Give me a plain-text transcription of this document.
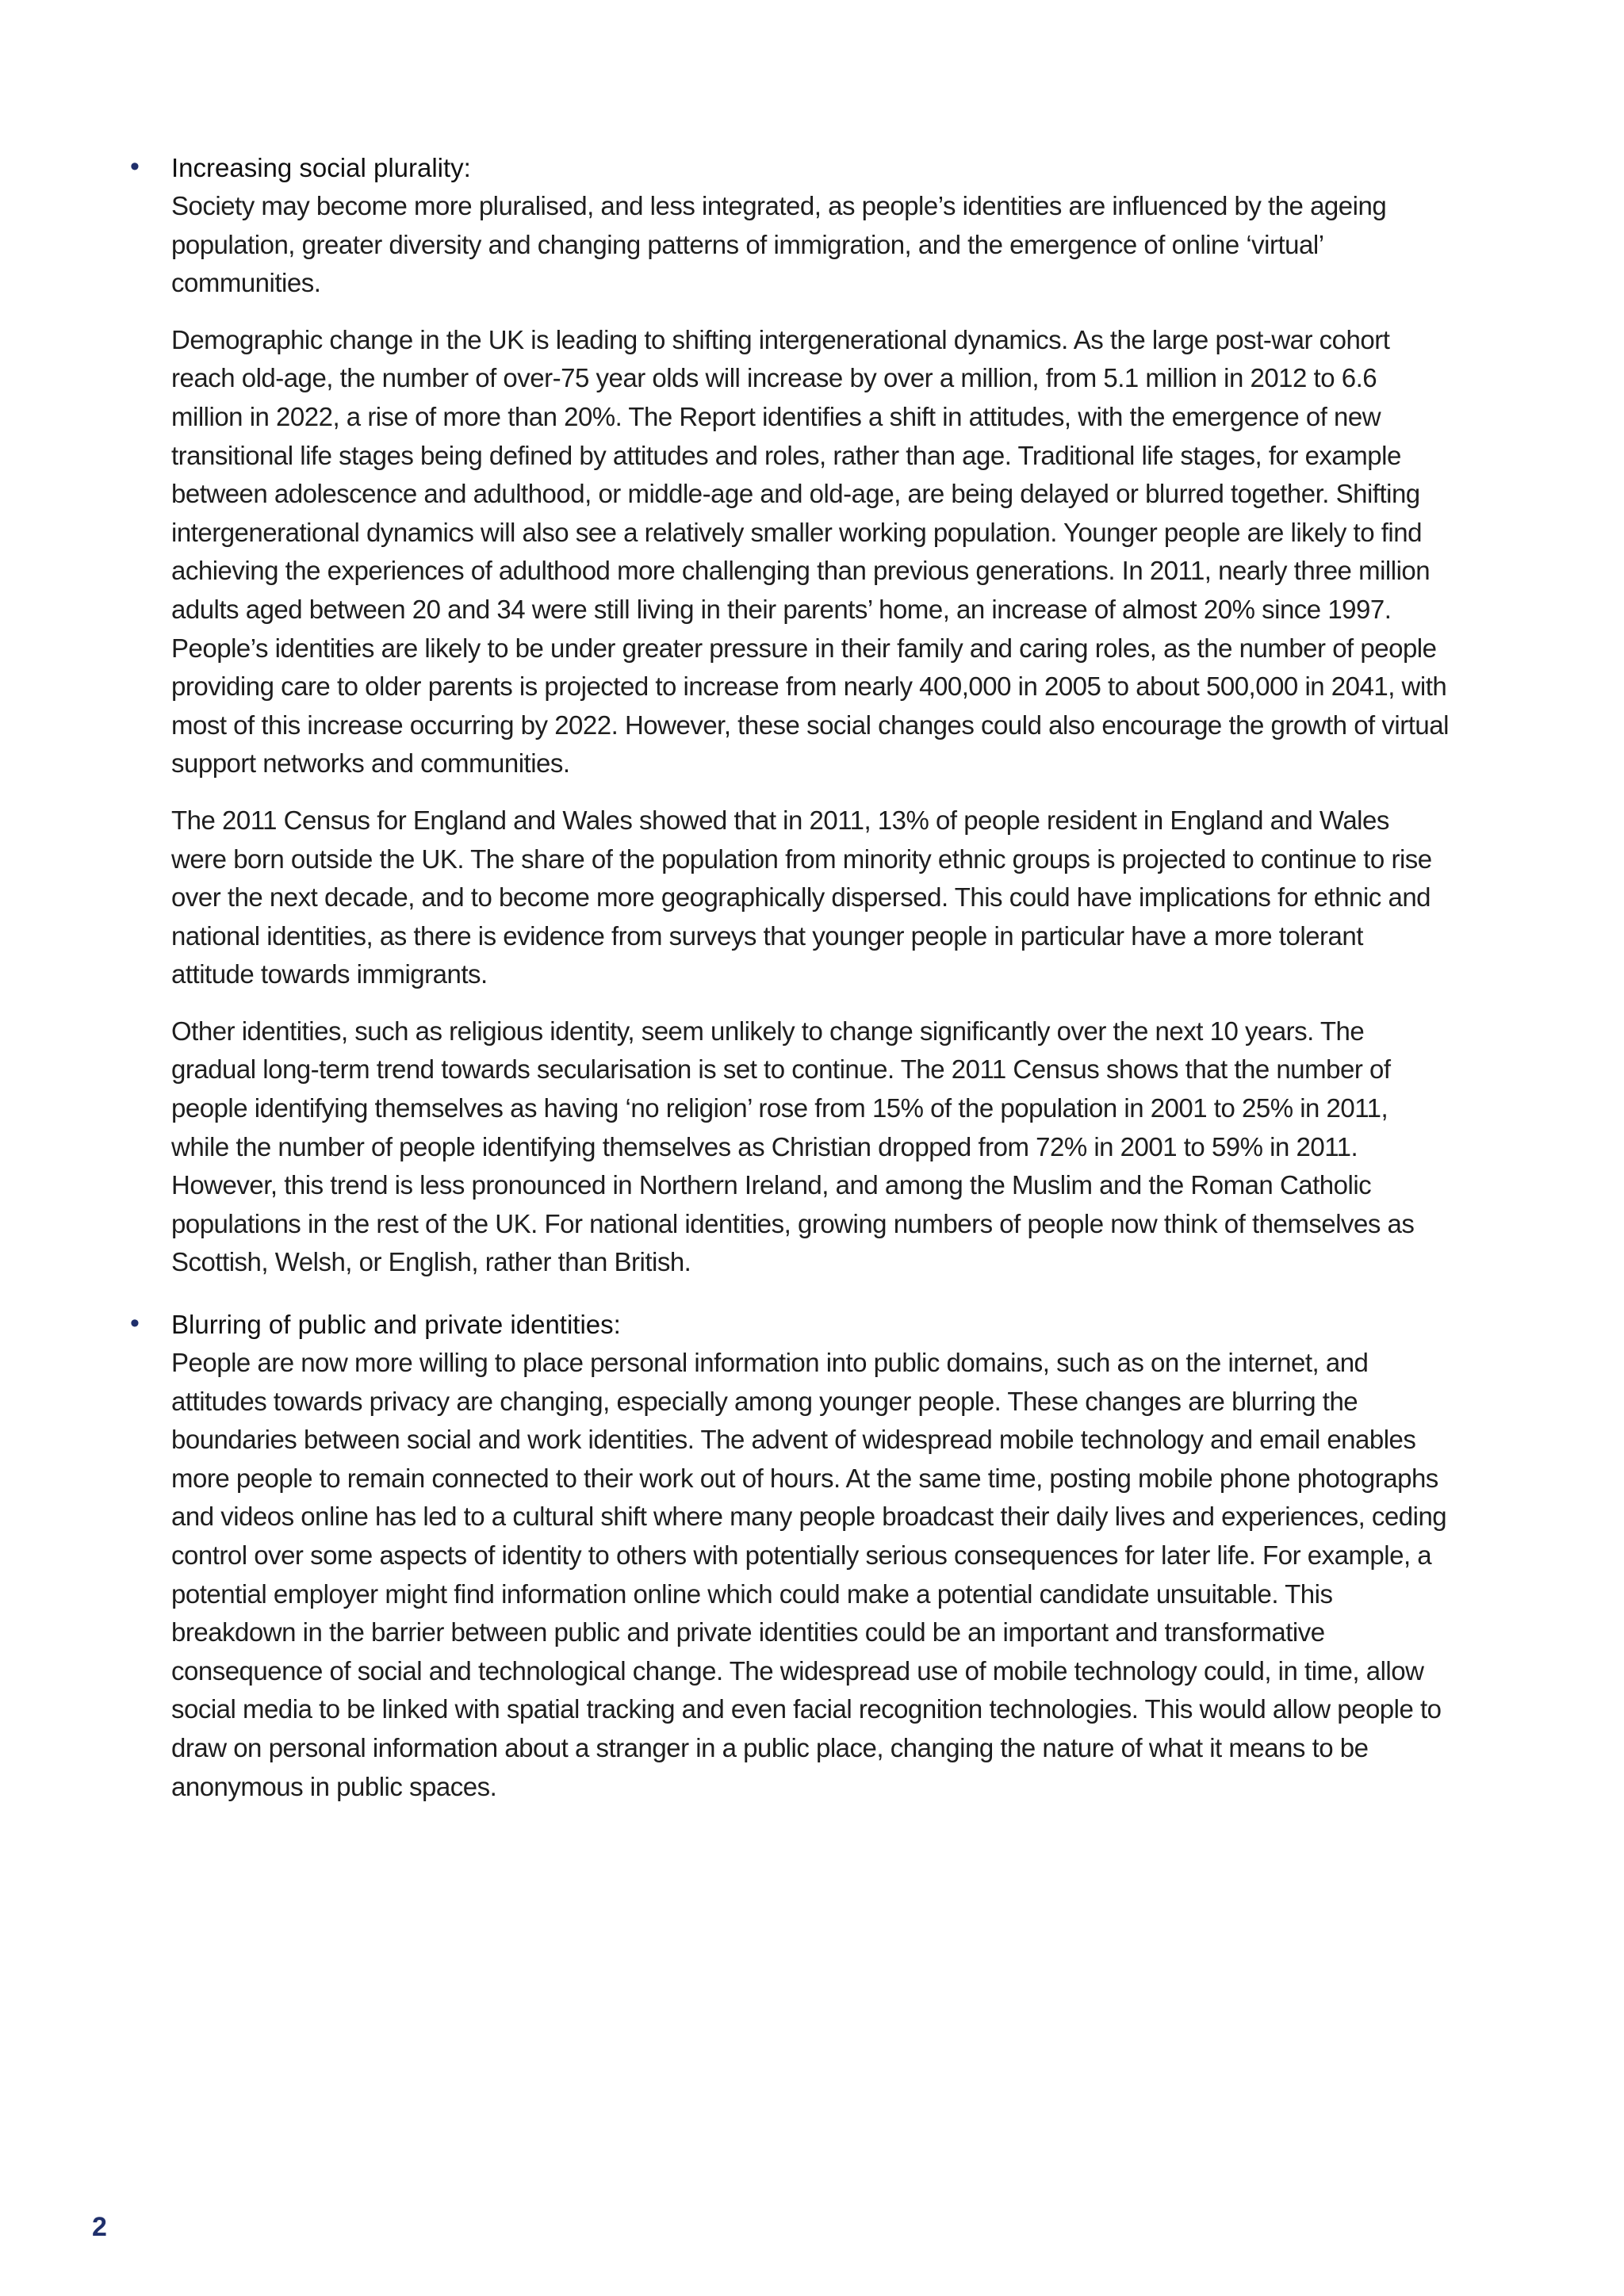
• Increasing social plurality:

Society may become more pluralised, and less integrated, as people’s identities are influenced by the ageing population, greater diversity and changing patterns of immigration, and the emergence of online ‘virtual’ communities.

Demographic change in the UK is leading to shifting intergenerational dynamics. As the large post-war cohort reach old-age, the number of over-75 year olds will increase by over a million, from 5.1 million in 2012 to 6.6 million in 2022, a rise of more than 20%. The Report identifies a shift in attitudes, with the emergence of new transitional life stages being defined by attitudes and roles, rather than age. Traditional life stages, for example between adolescence and adulthood, or middle-age and old-age, are being delayed or blurred together. Shifting intergenerational dynamics will also see a relatively smaller working population. Younger people are likely to find achieving the experiences of adulthood more challenging than previous generations. In 2011, nearly three million adults aged between 20 and 34 were still living in their parents’ home, an increase of almost 20% since 1997. People’s identities are likely to be under greater pressure in their family and caring roles, as the number of people providing care to older parents is projected to increase from nearly 400,000 in 2005 to about 500,000 in 2041, with most of this increase occurring by 2022. However, these social changes could also encourage the growth of virtual support networks and communities.

The 2011 Census for England and Wales showed that in 2011, 13% of people resident in England and Wales were born outside the UK. The share of the population from minority ethnic groups is projected to continue to rise over the next decade, and to become more geographically dispersed. This could have implications for ethnic and national identities, as there is evidence from surveys that younger people in particular have a more tolerant attitude towards immigrants.

Other identities, such as religious identity, seem unlikely to change significantly over the next 10 years. The gradual long-term trend towards secularisation is set to continue. The 2011 Census shows that the number of people identifying themselves as having ‘no religion’ rose from 15% of the population in 2001 to 25% in 2011, while the number of people identifying themselves as Christian dropped from 72% in 2001 to 59% in 2011. However, this trend is less pronounced in Northern Ireland, and among the Muslim and the Roman Catholic populations in the rest of the UK. For national identities, growing numbers of people now think of themselves as Scottish, Welsh, or English, rather than British.

• Blurring of public and private identities:

People are now more willing to place personal information into public domains, such as on the internet, and attitudes towards privacy are changing, especially among younger people. These changes are blurring the boundaries between social and work identities. The advent of widespread mobile technology and email enables more people to remain connected to their work out of hours. At the same time, posting mobile phone photographs and videos online has led to a cultural shift where many people broadcast their daily lives and experiences, ceding control over some aspects of identity to others with potentially serious consequences for later life. For example, a potential employer might find information online which could make a potential candidate unsuitable. This breakdown in the barrier between public and private identities could be an important and transformative consequence of social and technological change. The widespread use of mobile technology could, in time, allow social media to be linked with spatial tracking and even facial recognition technologies. This would allow people to draw on personal information about a stranger in a public place, changing the nature of what it means to be anonymous in public spaces.

2
